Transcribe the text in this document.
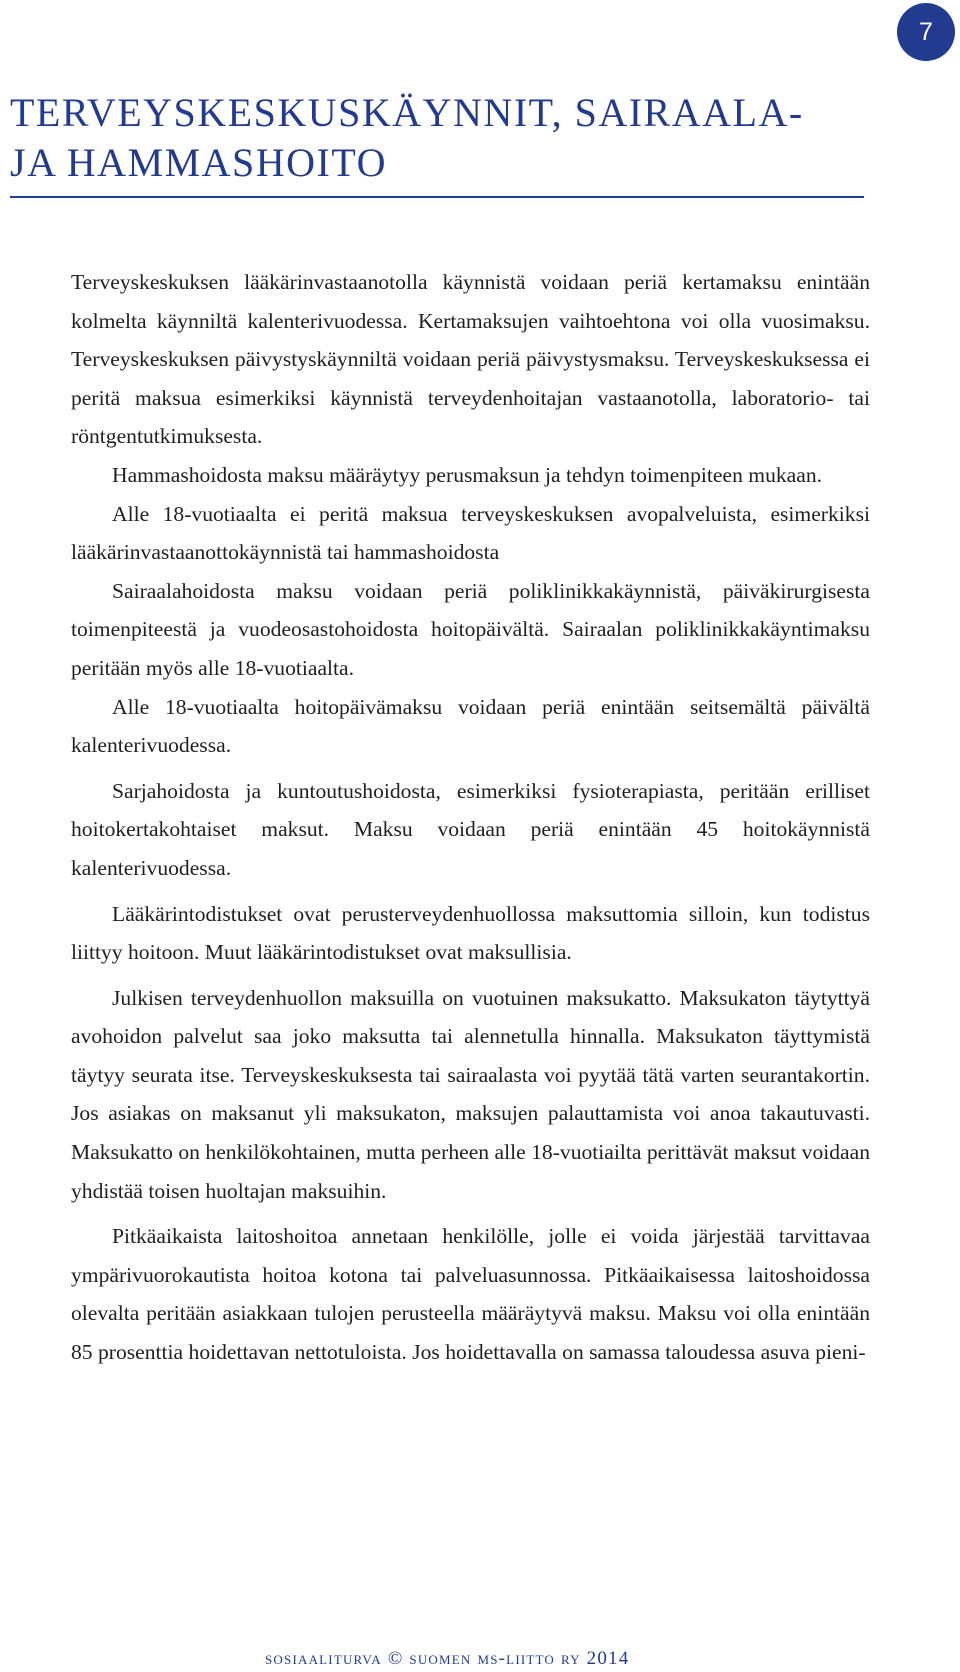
7
TERVEYSKESKUSKÄYNNIT, SAIRAALA-
JA HAMMASHOITO

Terveyskeskuksen lääkärinvastaanotolla käynnistä voidaan periä kertamaksu enintään kolmelta käynniltä kalenterivuodessa. Kertamaksujen vaihtoehtona voi olla vuosimaksu. Terveyskeskuksen päivystyskäynniltä voidaan periä päivystysmaksu. Terveyskeskuksessa ei peritä maksua esimerkiksi käynnistä terveydenhoitajan vastaanotolla, laboratorio- tai röntgentutkimuksesta.

Hammashoidosta maksu määräytyy perusmaksun ja tehdyn toimenpiteen mukaan.

Alle 18-vuotiaalta ei peritä maksua terveyskeskuksen avopalveluista, esimerkiksi lääkärinvastaanottokäynnistä tai hammashoidosta

Sairaalahoidosta maksu voidaan periä poliklinikkakäynnistä, päiväkirurgisesta toimenpiteestä ja vuodeosastohoidosta hoitopäivältä. Sairaalan poliklinikkakäyntimaksu peritään myös alle 18-vuotiaalta.

Alle 18-vuotiaalta hoitopäivämaksu voidaan periä enintään seitsemältä päivältä kalenterivuodessa.

Sarjahoidosta ja kuntoutushoidosta, esimerkiksi fysioterapiasta, peritään erilliset hoitokertakohtaiset maksut. Maksu voidaan periä enintään 45 hoitokäynnistä kalenterivuodessa.

Lääkärintodistukset ovat perusterveydenhuollossa maksuttomia silloin, kun todistus liittyy hoitoon. Muut lääkärintodistukset ovat maksullisia.

Julkisen terveydenhuollon maksuilla on vuotuinen maksukatto. Maksukaton täytyttyä avohoidon palvelut saa joko maksutta tai alennetulla hinnalla. Maksukaton täyttymistä täytyy seurata itse. Terveyskeskuksesta tai sairaalasta voi pyytää tätä varten seurantakortin. Jos asiakas on maksanut yli maksukaton, maksujen palauttamista voi anoa takautuvasti. Maksukatto on henkilökohtainen, mutta perheen alle 18-vuotiailta perittävät maksut voidaan yhdistää toisen huoltajan maksuihin.

Pitkäaikaista laitoshoitoa annetaan henkilölle, jolle ei voida järjestää tarvittavaa ympärivuorokautista hoitoa kotona tai palveluasunnossa. Pitkäaikaisessa laitoshoidossa olevalta peritään asiakkaan tulojen perusteella määräytyvä maksu. Maksu voi olla enintään 85 prosenttia hoidettavan nettotuloista. Jos hoidettavalla on samassa taloudessa asuva pieni-

sosiaaliturva © suomen ms-liitto ry 2014
